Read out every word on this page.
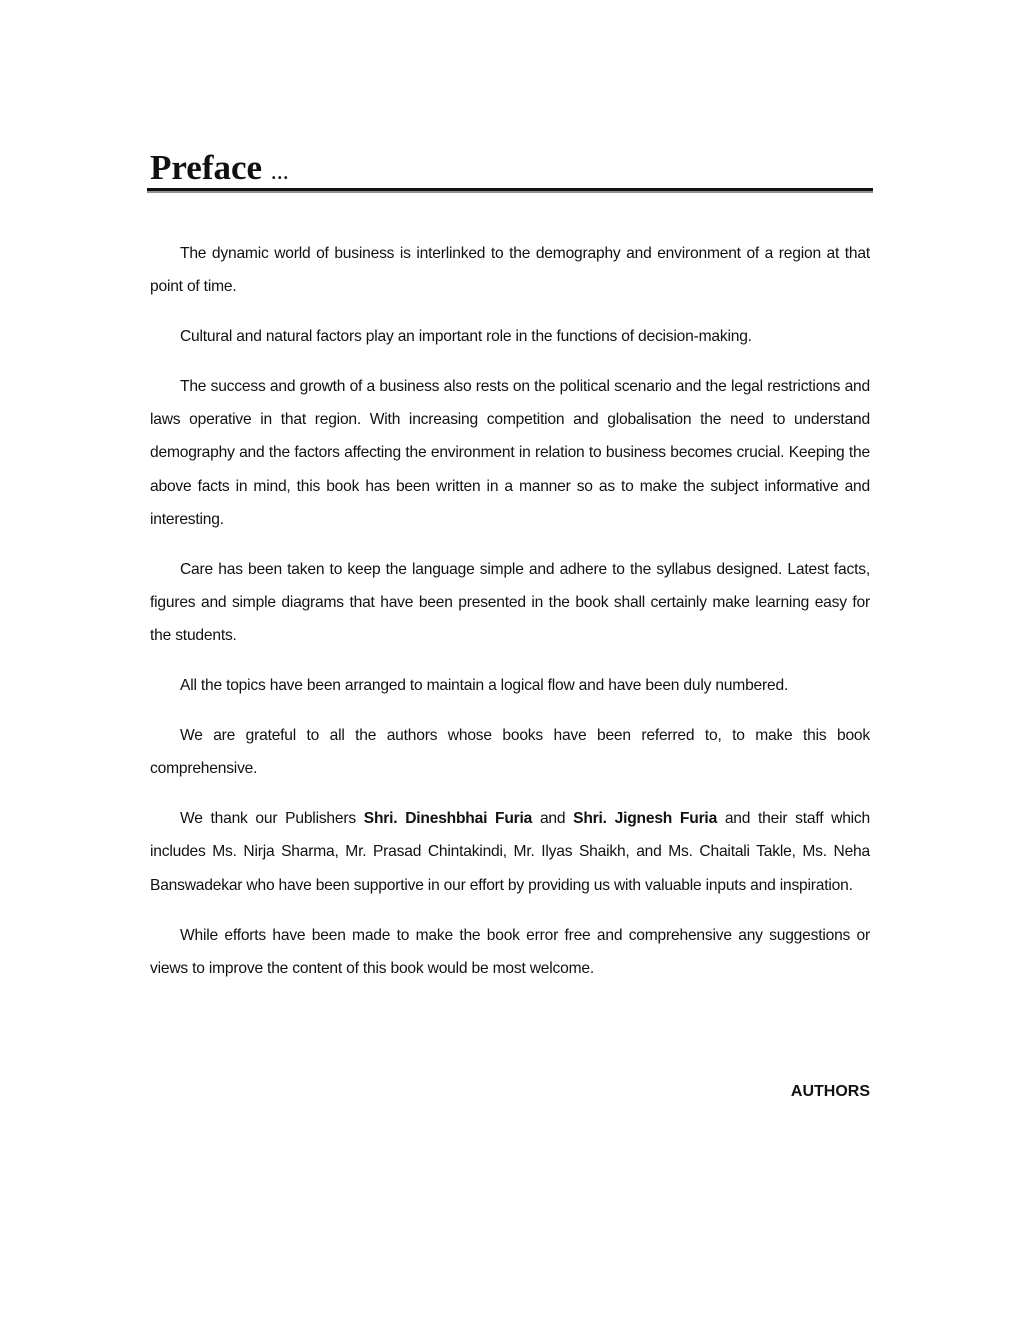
Preface ...

The dynamic world of business is interlinked to the demography and environment of a region at that point of time.

Cultural and natural factors play an important role in the functions of decision-making.

The success and growth of a business also rests on the political scenario and the legal restrictions and laws operative in that region. With increasing competition and globalisation the need to understand demography and the factors affecting the environment in relation to business becomes crucial. Keeping the above facts in mind, this book has been written in a manner so as to make the subject informative and interesting.

Care has been taken to keep the language simple and adhere to the syllabus designed. Latest facts, figures and simple diagrams that have been presented in the book shall certainly make learning easy for the students.

All the topics have been arranged to maintain a logical flow and have been duly numbered.

We are grateful to all the authors whose books have been referred to, to make this book comprehensive.

We thank our Publishers Shri. Dineshbhai Furia and Shri. Jignesh Furia and their staff which includes Ms. Nirja Sharma, Mr. Prasad Chintakindi, Mr. Ilyas Shaikh, and Ms. Chaitali Takle, Ms. Neha Banswadekar who have been supportive in our effort by providing us with valuable inputs and inspiration.

While efforts have been made to make the book error free and comprehensive any suggestions or views to improve the content of this book would be most welcome.

AUTHORS
